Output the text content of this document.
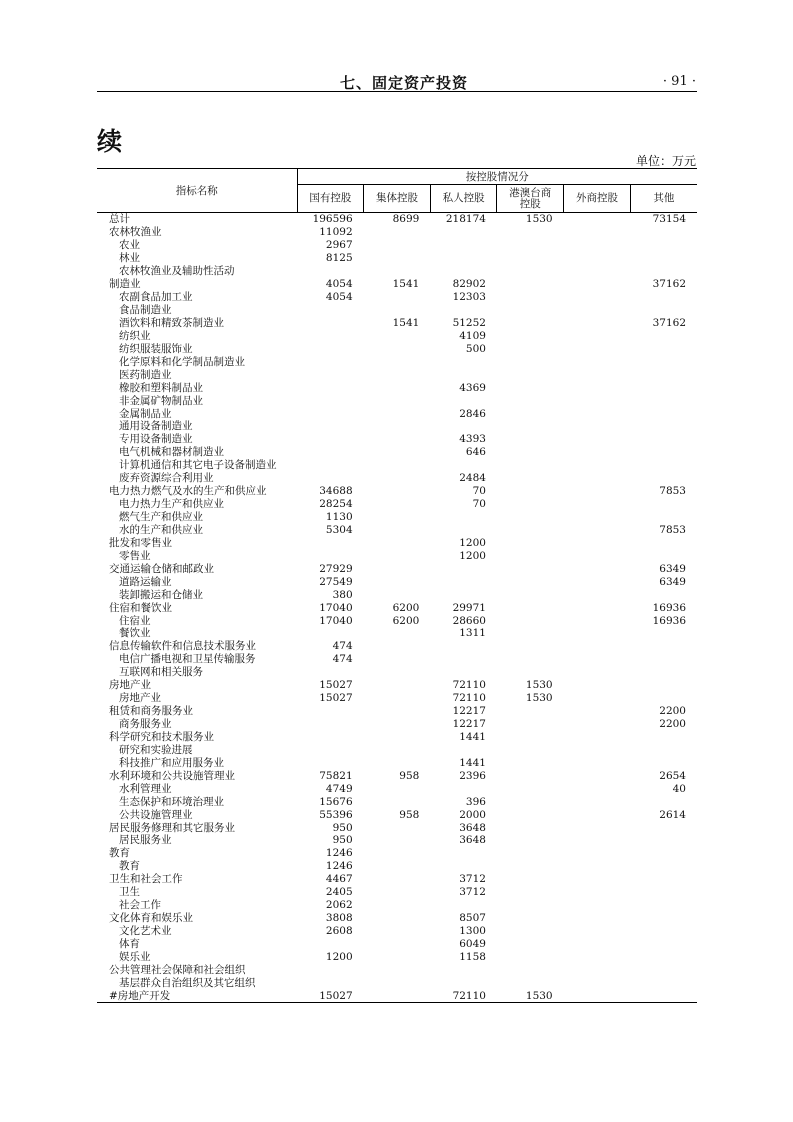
七、固定资产投资	· 91 ·
续
单位：万元
指标名称	按控股情况分					
	国有控股	集体控股	私人控股	港澳台商
控股	外商控股	其他
总计	196596	8699	218174	1530		73154
农林牧渔业	11092					
农业	2967					
林业	8125					
农林牧渔业及辅助性活动						
制造业	4054	1541	82902			37162
农副食品加工业	4054		12303			
食品制造业						
酒饮料和精致茶制造业		1541	51252			37162
纺织业			4109			
纺织服装服饰业			500			
化学原料和化学制品制造业						
医药制造业						
橡胶和塑料制品业			4369			
非金属矿物制品业						
金属制品业			2846			
通用设备制造业						
专用设备制造业			4393			
电气机械和器材制造业			646			
计算机通信和其它电子设备制造业						
废弃资源综合利用业			2484			
电力热力燃气及水的生产和供应业	34688		70			7853
电力热力生产和供应业	28254		70			
燃气生产和供应业	1130					
水的生产和供应业	5304					7853
批发和零售业			1200			
零售业			1200			
交通运输仓储和邮政业	27929					6349
道路运输业	27549					6349
装卸搬运和仓储业	380					
住宿和餐饮业	17040	6200	29971			16936
住宿业	17040	6200	28660			16936
餐饮业			1311			
信息传输软件和信息技术服务业	474					
电信广播电视和卫星传输服务	474					
互联网和相关服务						
房地产业	15027		72110	1530		
房地产业	15027		72110	1530		
租赁和商务服务业			12217			2200
商务服务业			12217			2200
科学研究和技术服务业			1441			
研究和实验进展						
科技推广和应用服务业			1441			
水利环境和公共设施管理业	75821	958	2396			2654
水利管理业	4749					40
生态保护和环境治理业	15676		396			
公共设施管理业	55396	958	2000			2614
居民服务修理和其它服务业	950		3648			
居民服务业	950		3648			
教育	1246					
教育	1246					
卫生和社会工作	4467		3712			
卫生	2405		3712			
社会工作	2062					
文化体育和娱乐业	3808		8507			
文化艺术业	2608		1300			
体育			6049			
娱乐业	1200		1158			
公共管理社会保障和社会组织						
基层群众自治组织及其它组织						
#房地产开发	15027		72110	1530		
